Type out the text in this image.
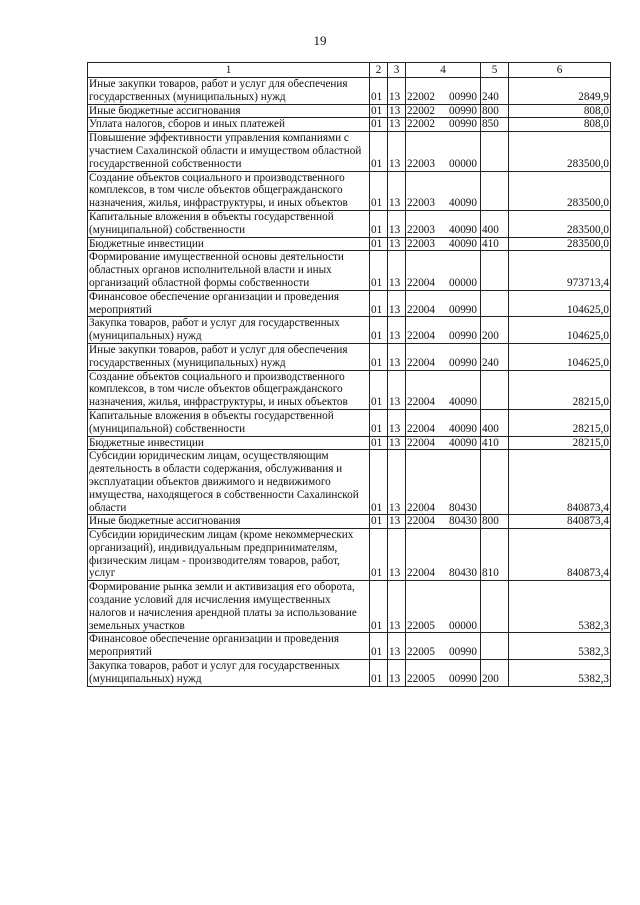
19
1	2	3	4	5	6
Иные закупки товаров, работ и услуг для обеспечения государственных (муниципальных) нужд	01	13	22002 00990	240	2849,9
Иные бюджетные ассигнования	01	13	22002 00990	800	808,0
Уплата налогов, сборов и иных платежей	01	13	22002 00990	850	808,0
Повышение эффективности управления компаниями с участием Сахалинской области и имуществом областной государственной собственности	01	13	22003 00000		283500,0
Создание объектов социального и производственного комплексов, в том числе объектов общегражданского назначения, жилья, инфраструктуры, и иных объектов	01	13	22003 40090		283500,0
Капитальные вложения в объекты государственной (муниципальной) собственности	01	13	22003 40090	400	283500,0
Бюджетные инвестиции	01	13	22003 40090	410	283500,0
Формирование имущественной основы деятельности областных органов исполнительной власти и иных организаций областной формы собственности	01	13	22004 00000		973713,4
Финансовое обеспечение организации и проведения мероприятий	01	13	22004 00990		104625,0
Закупка товаров, работ и услуг для государственных (муниципальных) нужд	01	13	22004 00990	200	104625,0
Иные закупки товаров, работ и услуг для обеспечения государственных (муниципальных) нужд	01	13	22004 00990	240	104625,0
Создание объектов социального и производственного комплексов, в том числе объектов общегражданского назначения, жилья, инфраструктуры, и иных объектов	01	13	22004 40090		28215,0
Капитальные вложения в объекты государственной (муниципальной) собственности	01	13	22004 40090	400	28215,0
Бюджетные инвестиции	01	13	22004 40090	410	28215,0
Субсидии юридическим лицам, осуществляющим деятельность в области содержания, обслуживания и эксплуатации объектов движимого и недвижимого имущества, находящегося в собственности Сахалинской области	01	13	22004 80430		840873,4
Иные бюджетные ассигнования	01	13	22004 80430	800	840873,4
Субсидии юридическим лицам (кроме некоммерческих организаций), индивидуальным предпринимателям, физическим лицам - производителям товаров, работ, услуг	01	13	22004 80430	810	840873,4
Формирование рынка земли и активизация его оборота, создание условий для исчисления имущественных налогов и начисления арендной платы за использование земельных участков	01	13	22005 00000		5382,3
Финансовое обеспечение организации и проведения мероприятий	01	13	22005 00990		5382,3
Закупка товаров, работ и услуг для государственных (муниципальных) нужд	01	13	22005 00990	200	5382,3
